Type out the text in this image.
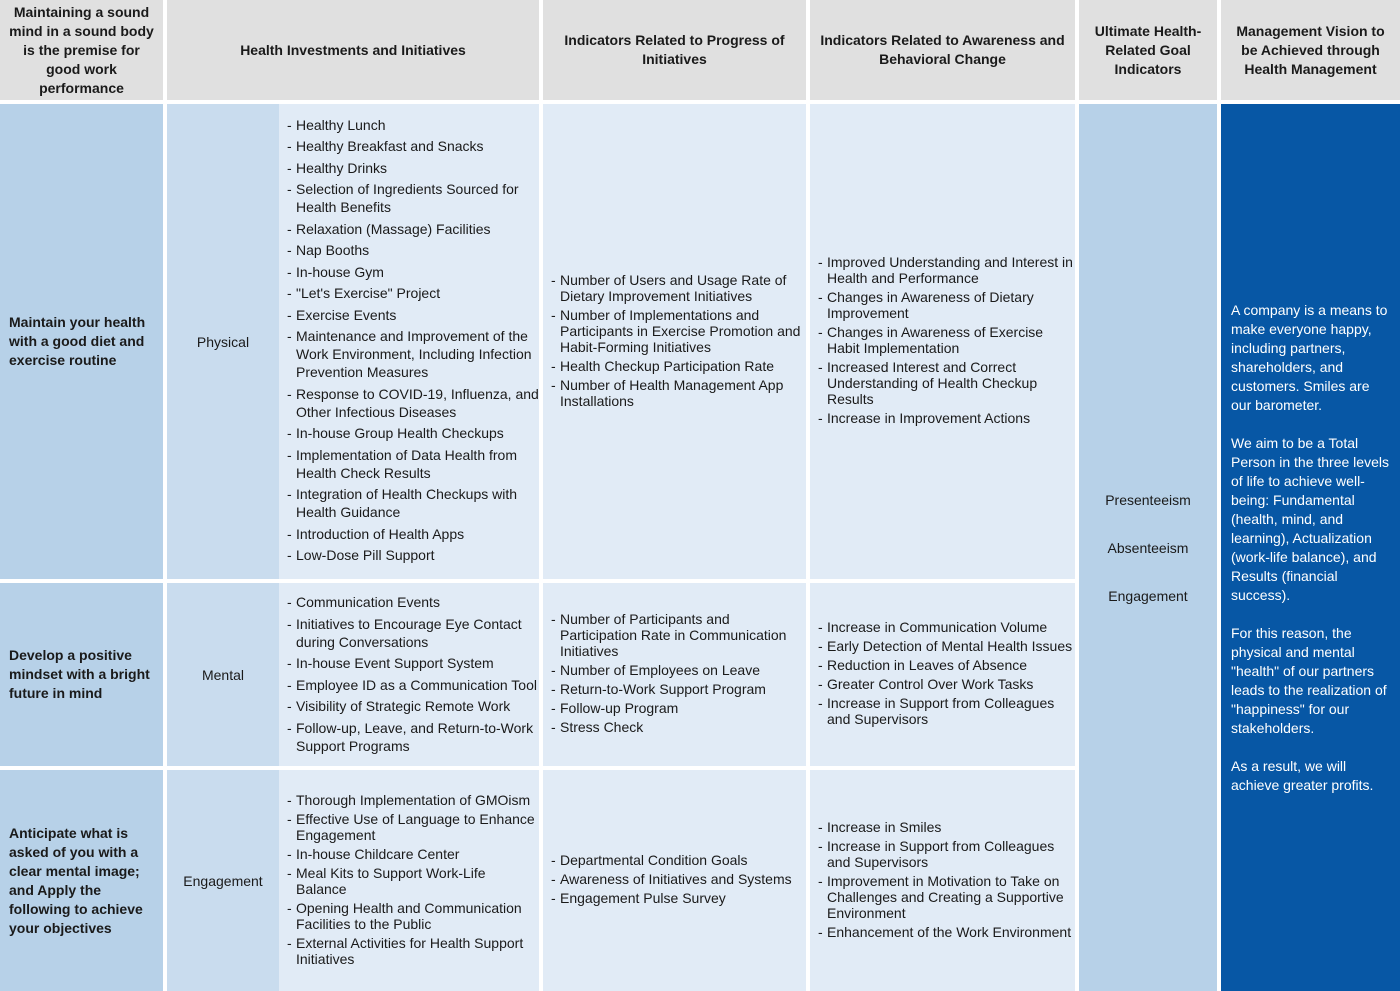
Maintaining a sound mind in a sound body is the premise for good work performance
Health Investments and Initiatives
Indicators Related to Progress of Initiatives
Indicators Related to Awareness and Behavioral Change
Ultimate Health-Related Goal Indicators
Management Vision to be Achieved through Health Management
Maintain your health with a good diet and exercise routine
Physical
- Healthy Lunch
- Healthy Breakfast and Snacks
- Healthy Drinks
- Selection of Ingredients Sourced for Health Benefits
- Relaxation (Massage) Facilities
- Nap Booths
- In-house Gym
- "Let's Exercise" Project
- Exercise Events
- Maintenance and Improvement of the Work Environment, Including Infection Prevention Measures
- Response to COVID-19, Influenza, and Other Infectious Diseases
- In-house Group Health Checkups
- Implementation of Data Health from Health Check Results
- Integration of Health Checkups with Health Guidance
- Introduction of Health Apps
- Low-Dose Pill Support
- Number of Users and Usage Rate of Dietary Improvement Initiatives
- Number of Implementations and Participants in Exercise Promotion and Habit-Forming Initiatives
- Health Checkup Participation Rate
- Number of Health Management App Installations
- Improved Understanding and Interest in Health and Performance
- Changes in Awareness of Dietary Improvement
- Changes in Awareness of Exercise Habit Implementation
- Increased Interest and Correct Understanding of Health Checkup Results
- Increase in Improvement Actions
Develop a positive mindset with a bright future in mind
Mental
- Communication Events
- Initiatives to Encourage Eye Contact during Conversations
- In-house Event Support System
- Employee ID as a Communication Tool
- Visibility of Strategic Remote Work
- Follow-up, Leave, and Return-to-Work Support Programs
- Number of Participants and Participation Rate in Communication Initiatives
- Number of Employees on Leave
- Return-to-Work Support Program
- Follow-up Program
- Stress Check
- Increase in Communication Volume
- Early Detection of Mental Health Issues
- Reduction in Leaves of Absence
- Greater Control Over Work Tasks
- Increase in Support from Colleagues and Supervisors
Anticipate what is asked of you with a clear mental image; and Apply the following to achieve your objectives
Engagement
- Thorough Implementation of GMOism
- Effective Use of Language to Enhance Engagement
- In-house Childcare Center
- Meal Kits to Support Work-Life Balance
- Opening Health and Communication Facilities to the Public
- External Activities for Health Support Initiatives
- Departmental Condition Goals
- Awareness of Initiatives and Systems
- Engagement Pulse Survey
- Increase in Smiles
- Increase in Support from Colleagues and Supervisors
- Improvement in Motivation to Take on Challenges and Creating a Supportive Environment
- Enhancement of the Work Environment
Presenteeism
Absenteeism
Engagement

A company is a means to make everyone happy, including partners, shareholders, and customers. Smiles are our barometer.

We aim to be a Total Person in the three levels of life to achieve well-being: Fundamental (health, mind, and learning), Actualization (work-life balance), and Results (financial success).

For this reason, the physical and mental "health" of our partners leads to the realization of "happiness" for our stakeholders.

As a result, we will achieve greater profits.
